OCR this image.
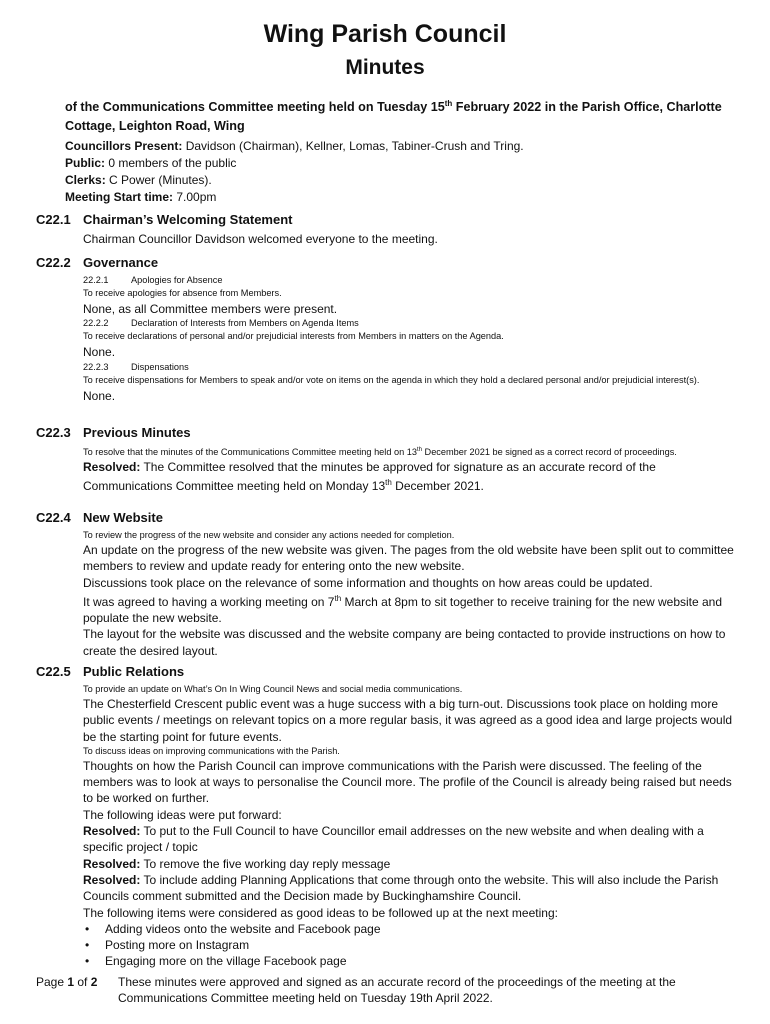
Wing Parish Council
Minutes
of the Communications Committee meeting held on Tuesday 15th February 2022 in the Parish Office, Charlotte Cottage, Leighton Road, Wing
Councillors Present: Davidson (Chairman), Kellner, Lomas, Tabiner-Crush and Tring.
Public: 0 members of the public
Clerks: C Power (Minutes).
Meeting Start time: 7.00pm
C22.1 Chairman’s Welcoming Statement
Chairman Councillor Davidson welcomed everyone to the meeting.
C22.2 Governance
22.2.1 Apologies for Absence
To receive apologies for absence from Members.
None, as all Committee members were present.
22.2.2 Declaration of Interests from Members on Agenda Items
To receive declarations of personal and/or prejudicial interests from Members in matters on the Agenda.
None.
22.2.3 Dispensations
To receive dispensations for Members to speak and/or vote on items on the agenda in which they hold a declared personal and/or prejudicial interest(s).
None.
C22.3 Previous Minutes
To resolve that the minutes of the Communications Committee meeting held on 13th December 2021 be signed as a correct record of proceedings.
Resolved: The Committee resolved that the minutes be approved for signature as an accurate record of the Communications Committee meeting held on Monday 13th December 2021.
C22.4 New Website
To review the progress of the new website and consider any actions needed for completion.
An update on the progress of the new website was given. The pages from the old website have been split out to committee members to review and update ready for entering onto the new website.
Discussions took place on the relevance of some information and thoughts on how areas could be updated.
It was agreed to having a working meeting on 7th March at 8pm to sit together to receive training for the new website and populate the new website.
The layout for the website was discussed and the website company are being contacted to provide instructions on how to create the desired layout.
C22.5 Public Relations
To provide an update on What’s On In Wing Council News and social media communications.
The Chesterfield Crescent public event was a huge success with a big turn-out. Discussions took place on holding more public events / meetings on relevant topics on a more regular basis, it was agreed as a good idea and large projects would be the starting point for future events.
To discuss ideas on improving communications with the Parish.
Thoughts on how the Parish Council can improve communications with the Parish were discussed. The feeling of the members was to look at ways to personalise the Council more. The profile of the Council is already being raised but needs to be worked on further.
The following ideas were put forward:
Resolved: To put to the Full Council to have Councillor email addresses on the new website and when dealing with a specific project / topic
Resolved: To remove the five working day reply message
Resolved: To include adding Planning Applications that come through onto the website. This will also include the Parish Councils comment submitted and the Decision made by Buckinghamshire Council.
The following items were considered as good ideas to be followed up at the next meeting:
• Adding videos onto the website and Facebook page
• Posting more on Instagram
• Engaging more on the village Facebook page
Page 1 of 2	These minutes were approved and signed as an accurate record of the proceedings of the meeting at the Communications Committee meeting held on Tuesday 19th April 2022.
